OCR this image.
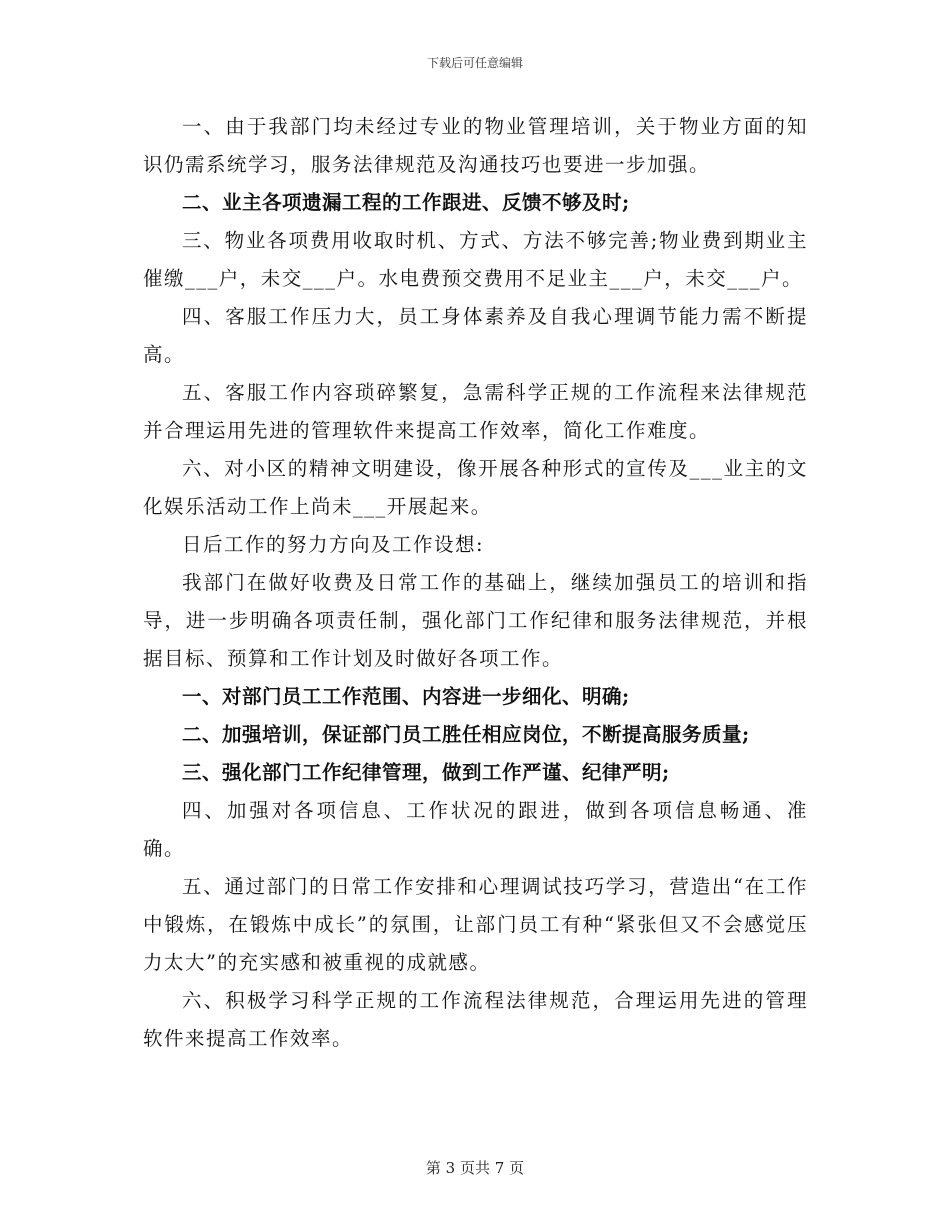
下载后可任意编辑

一、由于我部门均未经过专业的物业管理培训，关于物业方面的知识仍需系统学习，服务法律规范及沟通技巧也要进一步加强。

二、业主各项遗漏工程的工作跟进、反馈不够及时;

三、物业各项费用收取时机、方式、方法不够完善;物业费到期业主催缴___户，未交___户。水电费预交费用不足业主___户，未交___户。

四、客服工作压力大，员工身体素养及自我心理调节能力需不断提高。

五、客服工作内容琐碎繁复，急需科学正规的工作流程来法律规范并合理运用先进的管理软件来提高工作效率，简化工作难度。

六、对小区的精神文明建设，像开展各种形式的宣传及___业主的文化娱乐活动工作上尚未___开展起来。

日后工作的努力方向及工作设想:

我部门在做好收费及日常工作的基础上，继续加强员工的培训和指导，进一步明确各项责任制，强化部门工作纪律和服务法律规范，并根据目标、预算和工作计划及时做好各项工作。

一、对部门员工工作范围、内容进一步细化、明确;

二、加强培训，保证部门员工胜任相应岗位，不断提高服务质量;

三、强化部门工作纪律管理，做到工作严谨、纪律严明;

四、加强对各项信息、工作状况的跟进，做到各项信息畅通、准确。

五、通过部门的日常工作安排和心理调试技巧学习，营造出“在工作中锻炼，在锻炼中成长”的氛围，让部门员工有种“紧张但又不会感觉压力太大”的充实感和被重视的成就感。

六、积极学习科学正规的工作流程法律规范，合理运用先进的管理软件来提高工作效率。

第 3 页共 7 页
